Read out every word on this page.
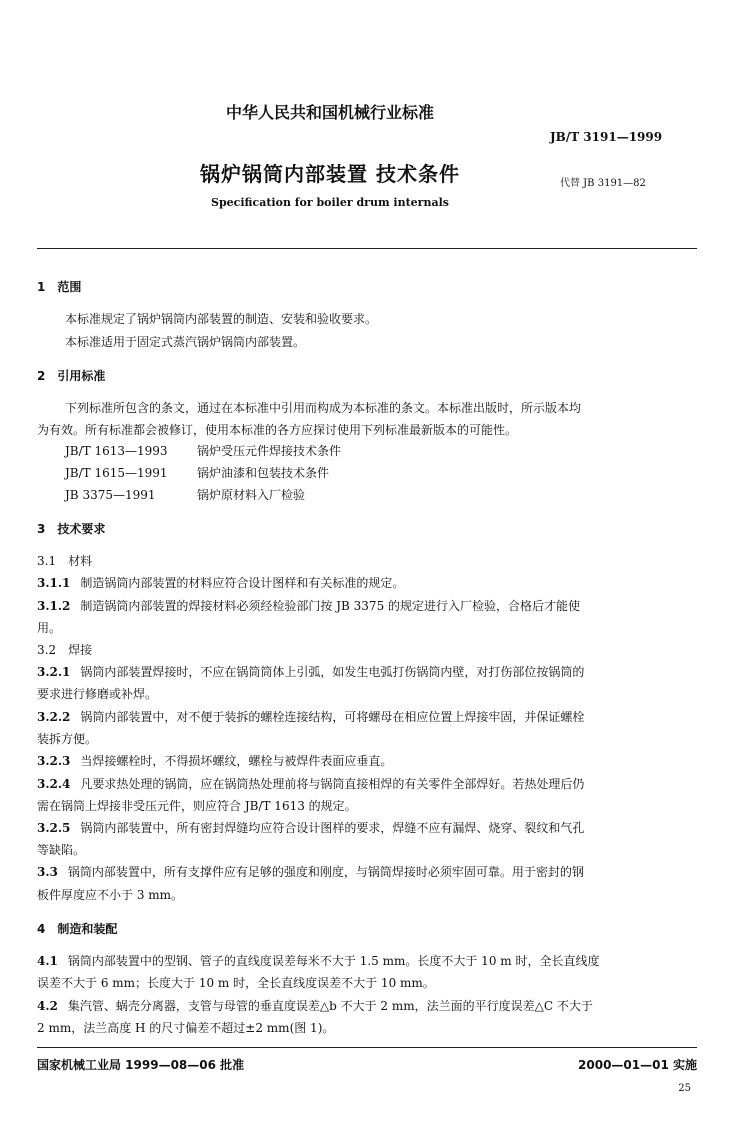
中华人民共和国机械行业标准
JB/T 3191—1999
锅炉锅筒内部装置 技术条件	代替 JB 3191—82
Specification for boiler drum internals
1　范围
本标准规定了锅炉锅筒内部装置的制造、安装和验收要求。
本标准适用于固定式蒸汽锅炉锅筒内部装置。
2　引用标准
下列标准所包含的条文，通过在本标准中引用而构成为本标准的条文。本标准出版时，所示版本均
为有效。所有标准都会被修订，使用本标准的各方应探讨使用下列标准最新版本的可能性。
JB/T 1613—1993 锅炉受压元件焊接技术条件
JB/T 1615—1991 锅炉油漆和包装技术条件
JB 3375—1991	锅炉原材料入厂检验
3　技术要求
3.1　材料
3.1.1 制造锅筒内部装置的材料应符合设计图样和有关标准的规定。
3.1.2 制造锅筒内部装置的焊接材料必须经检验部门按 JB 3375 的规定进行入厂检验，合格后才能使
用。
3.2　焊接
3.2.1 锅筒内部装置焊接时，不应在锅筒筒体上引弧，如发生电弧打伤锅筒内壁，对打伤部位按锅筒的
要求进行修磨或补焊。
3.2.2 锅筒内部装置中，对不便于装拆的螺栓连接结构，可将螺母在相应位置上焊接牢固，并保证螺栓
装拆方便。
3.2.3 当焊接螺栓时，不得损坏螺纹，螺栓与被焊件表面应垂直。
3.2.4 凡要求热处理的锅筒，应在锅筒热处理前将与锅筒直接相焊的有关零件全部焊好。若热处理后仍
需在锅筒上焊接非受压元件，则应符合 JB/T 1613 的规定。
3.2.5 锅筒内部装置中，所有密封焊缝均应符合设计图样的要求，焊缝不应有漏焊、烧穿、裂纹和气孔
等缺陷。
3.3 锅筒内部装置中，所有支撑件应有足够的强度和刚度，与锅筒焊接时必须牢固可靠。用于密封的钢
板件厚度应不小于 3 mm。
4　制造和装配
4.1 锅筒内部装置中的型钢、管子的直线度误差每米不大于 1.5 mm。长度不大于 10 m 时，全长直线度
误差不大于 6 mm；长度大于 10 m 时，全长直线度误差不大于 10 mm。
4.2 集汽管、蜗壳分离器，支管与母管的垂直度误差△b 不大于 2 mm，法兰面的平行度误差△C 不大于
2 mm，法兰高度 H 的尺寸偏差不超过±2 mm(图 1)。
国家机械工业局 1999—08—06 批准	2000—01—01 实施
25
